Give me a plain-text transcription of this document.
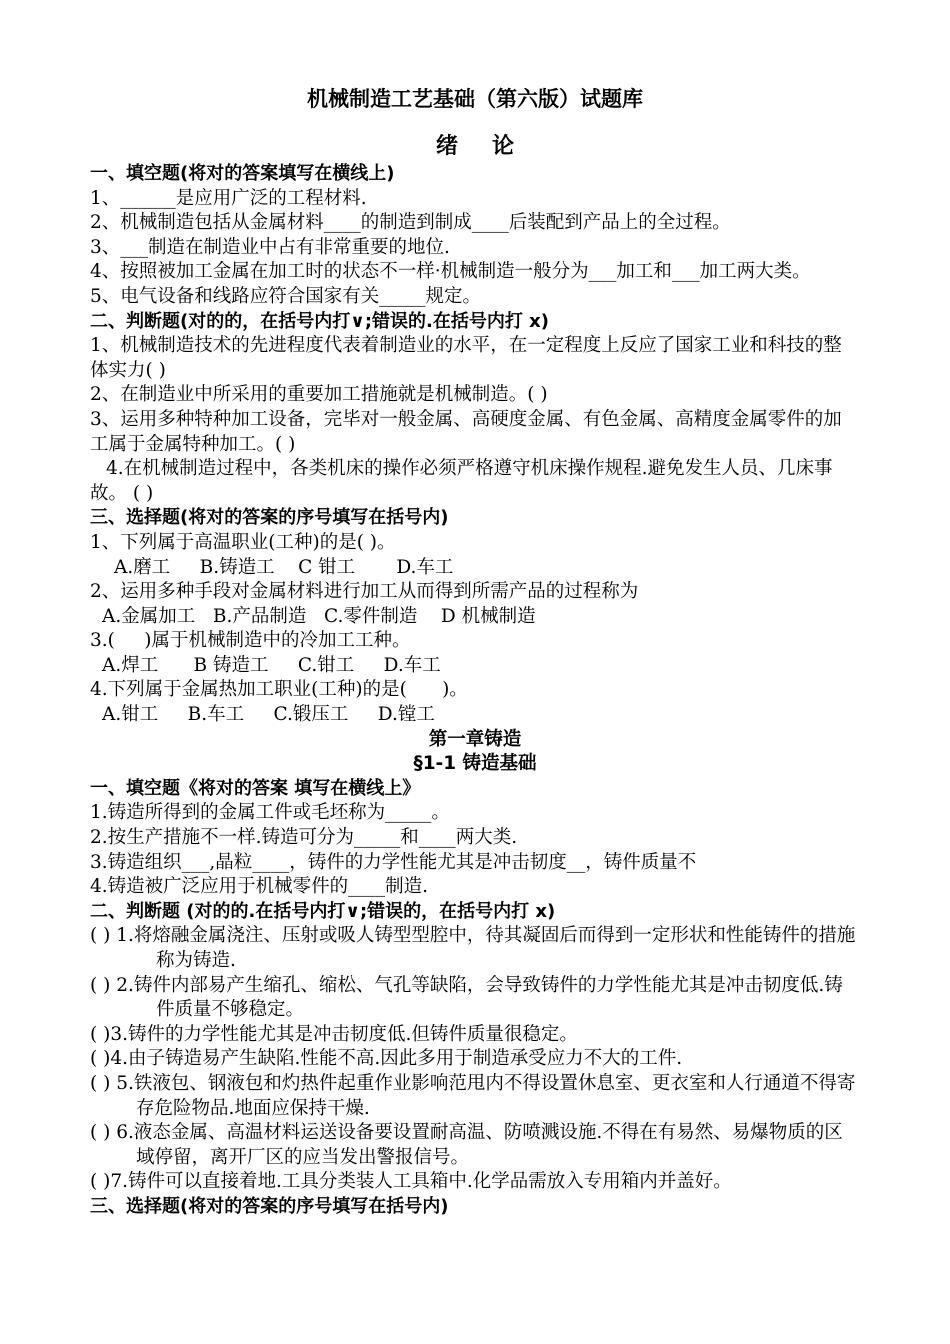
机械制造工艺基础（第六版）试题库
绪论
一、填空题(将对的答案填写在横线上)
1、______是应用广泛的工程材料.
2、机械制造包括从金属材料____的制造到制成____后装配到产品上的全过程。
3、___制造在制造业中占有非常重要的地位.
4、按照被加工金属在加工时的状态不一样·机械制造一般分为___加工和___加工两大类。
5、电气设备和线路应符合国家有关_____规定。
二、判断题(对的的，在括号内打∨;错误的.在括号内打 x)
1、机械制造技术的先进程度代表着制造业的水平，在一定程度上反应了国家工业和科技的整体实力( )
2、在制造业中所采用的重要加工措施就是机械制造。( )
3、运用多种特种加工设备，完毕对一般金属、高硬度金属、有色金属、高精度金属零件的加工属于金属特种加工。( )
4.在机械制造过程中，各类机床的操作必须严格遵守机床操作规程.避免发生人员、几床事故。 ( )
三、选择题(将对的答案的序号填写在括号内)
1、下列属于高温职业(工种)的是( )。
A.磨工     B.铸造工    C 钳工       D.车工
2、运用多种手段对金属材料进行加工从而得到所需产品的过程称为
A.金属加工   B.产品制造   C.零件制造    D 机械制造
3.(     )属于机械制造中的冷加工工种。
A.焊工      B 铸造工     C.钳工     D.车工
4.下列属于金属热加工职业(工种)的是(      )。
A.钳工     B.车工     C.锻压工     D.镗工
第一章铸造
§1-1 铸造基础
一、填空题《将对的答案 填写在横线上》
1.铸造所得到的金属工件或毛坯称为_____。
2.按生产措施不一样.铸造可分为_____和____两大类.
3.铸造组织___,晶粒____，铸件的力学性能尤其是冲击韧度__，铸件质量不
4.铸造被广泛应用于机械零件的____制造.
二、判断题 (对的的.在括号内打∨;错误的，在括号内打 x)
( ) 1.将熔融金属浇注、压射或吸人铸型型腔中，待其凝固后而得到一定形状和性能铸件的措施称为铸造.
( ) 2.铸件内部易产生缩孔、缩松、气孔等缺陷，会导致铸件的力学性能尤其是冲击韧度低.铸件质量不够稳定。
( )3.铸件的力学性能尤其是冲击韧度低.但铸件质量很稳定。
( )4.由子铸造易产生缺陷.性能不高.因此多用于制造承受应力不大的工件.
( ) 5.铁液包、钢液包和灼热件起重作业影响范甩内不得设置休息室、更衣室和人行通道不得寄存危险物品.地面应保持干燥.
( ) 6.液态金属、高温材料运送设备要设置耐高温、防喷溅设施.不得在有易然、易爆物质的区域停留，离开厂区的应当发出警报信号。
( )7.铸件可以直接着地.工具分类装人工具箱中.化学品需放入专用箱内并盖好。
三、选择题(将对的答案的序号填写在括号内)
